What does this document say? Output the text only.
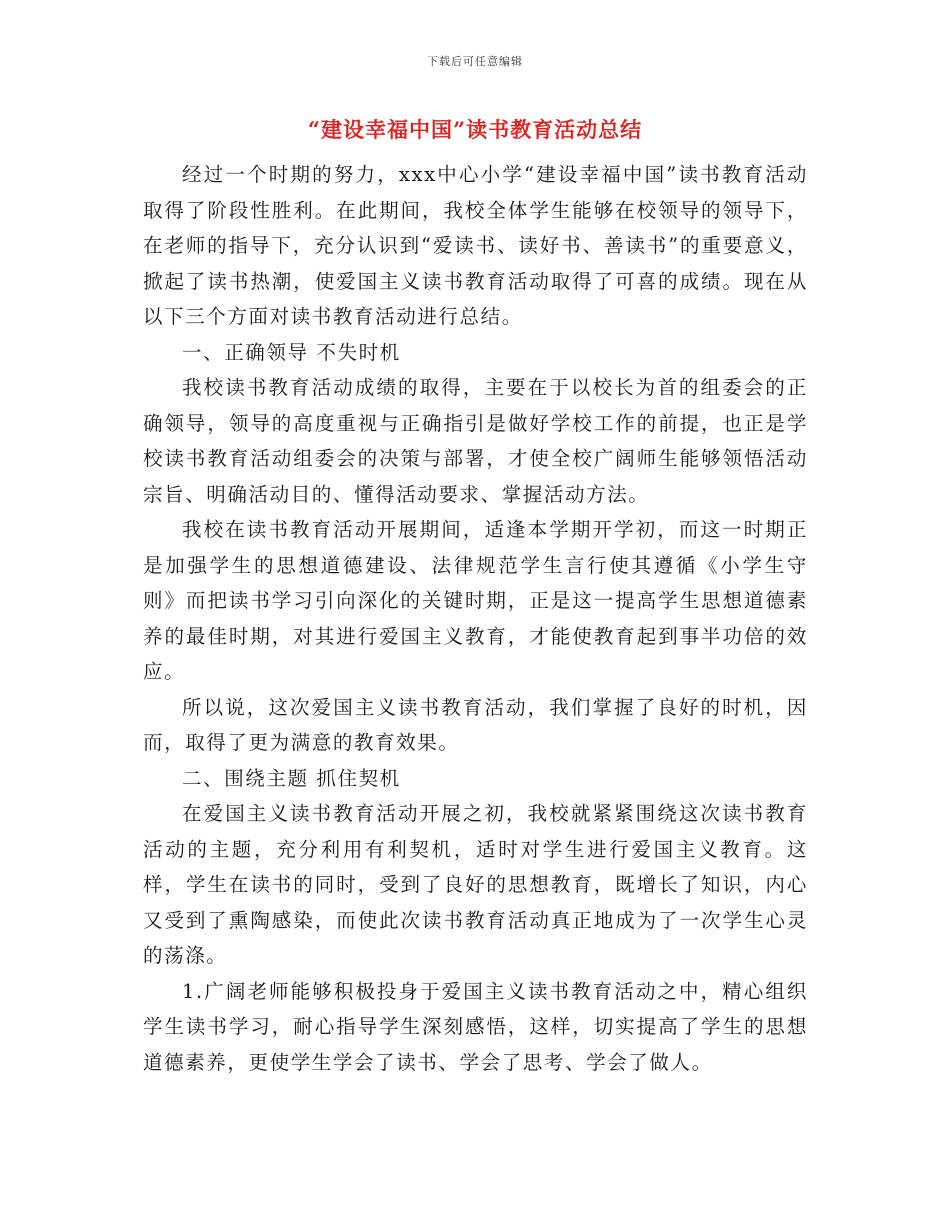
下载后可任意编辑
“建设幸福中国”读书教育活动总结

经过一个时期的努力，xxx中心小学“建设幸福中国”读书教育活动取得了阶段性胜利。在此期间，我校全体学生能够在校领导的领导下，在老师的指导下，充分认识到“爱读书、读好书、善读书”的重要意义，掀起了读书热潮，使爱国主义读书教育活动取得了可喜的成绩。现在从以下三个方面对读书教育活动进行总结。

一、正确领导 不失时机

我校读书教育活动成绩的取得，主要在于以校长为首的组委会的正确领导，领导的高度重视与正确指引是做好学校工作的前提，也正是学校读书教育活动组委会的决策与部署，才使全校广阔师生能够领悟活动宗旨、明确活动目的、懂得活动要求、掌握活动方法。

我校在读书教育活动开展期间，适逢本学期开学初，而这一时期正是加强学生的思想道德建设、法律规范学生言行使其遵循《小学生守则》而把读书学习引向深化的关键时期，正是这一提高学生思想道德素养的最佳时期，对其进行爱国主义教育，才能使教育起到事半功倍的效应。

所以说，这次爱国主义读书教育活动，我们掌握了良好的时机，因而，取得了更为满意的教育效果。

二、围绕主题 抓住契机

在爱国主义读书教育活动开展之初，我校就紧紧围绕这次读书教育活动的主题，充分利用有利契机，适时对学生进行爱国主义教育。这样，学生在读书的同时，受到了良好的思想教育，既增长了知识，内心又受到了熏陶感染，而使此次读书教育活动真正地成为了一次学生心灵的荡涤。

1.广阔老师能够积极投身于爱国主义读书教育活动之中，精心组织学生读书学习，耐心指导学生深刻感悟，这样，切实提高了学生的思想道德素养，更使学生学会了读书、学会了思考、学会了做人。
